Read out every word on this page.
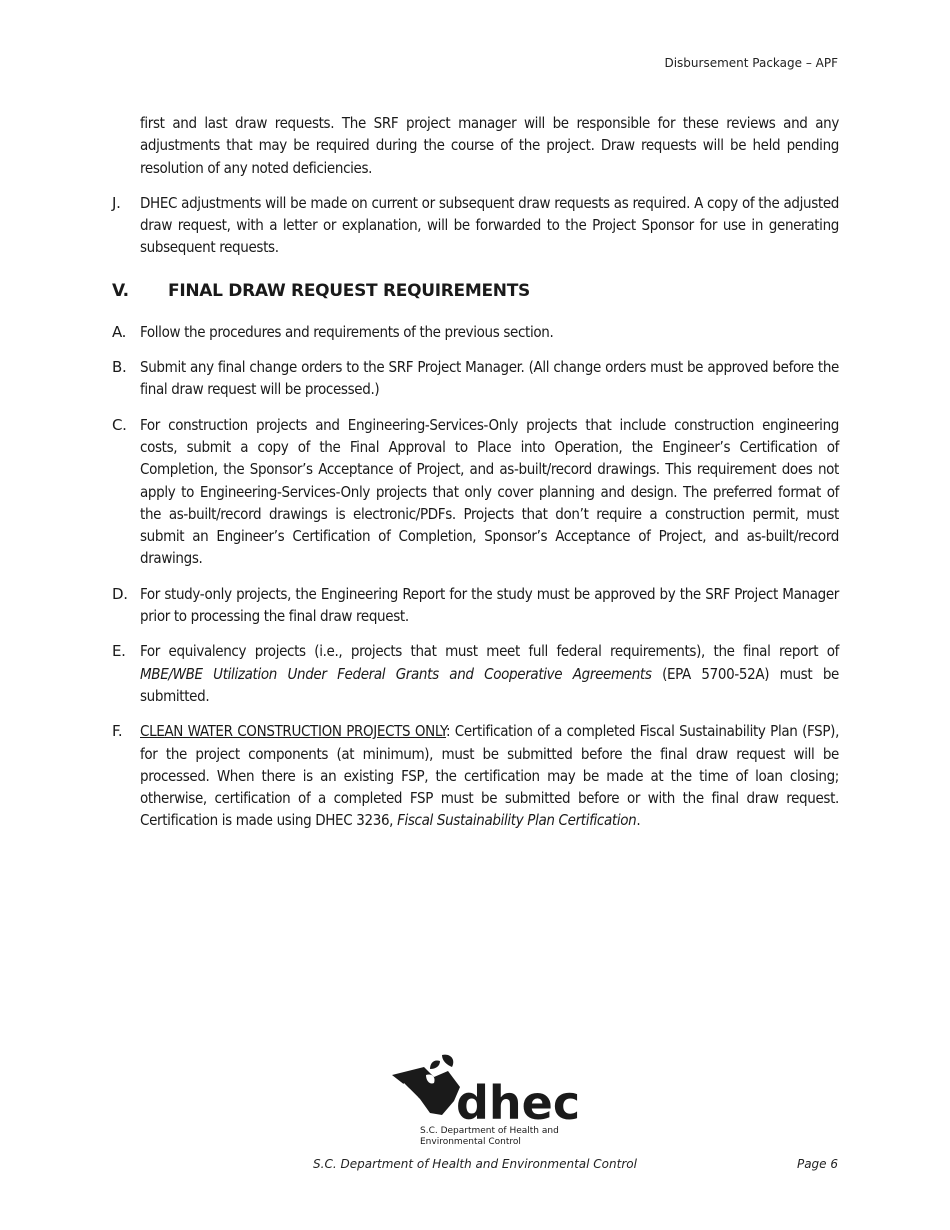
Disbursement Package – APF

first and last draw requests. The SRF project manager will be responsible for these reviews and any adjustments that may be required during the course of the project. Draw requests will be held pending resolution of any noted deficiencies.

J.	DHEC adjustments will be made on current or subsequent draw requests as required. A copy of the adjusted draw request, with a letter or explanation, will be forwarded to the Project Sponsor for use in generating subsequent requests.

V.	FINAL DRAW REQUEST REQUIREMENTS
A. Follow the procedures and requirements of the previous section.

B. Submit any final change orders to the SRF Project Manager. (All change orders must be approved before the final draw request will be processed.)

C. For construction projects and Engineering-Services-Only projects that include construction engineering costs, submit a copy of the Final Approval to Place into Operation, the Engineer’s Certification of Completion, the Sponsor’s Acceptance of Project, and as-built/record drawings. This requirement does not apply to Engineering-Services-Only projects that only cover planning and design. The preferred format of the as-built/record drawings is electronic/PDFs. Projects that don’t require a construction permit, must submit an Engineer’s Certification of Completion, Sponsor’s Acceptance of Project, and as-built/record drawings.

D. For study-only projects, the Engineering Report for the study must be approved by the SRF Project Manager prior to processing the final draw request.

E. For equivalency projects (i.e., projects that must meet full federal requirements), the final report of MBE/WBE Utilization Under Federal Grants and Cooperative Agreements (EPA 5700-52A) must be submitted.

F.	CLEAN WATER CONSTRUCTION PROJECTS ONLY: Certification of a completed Fiscal Sustainability Plan (FSP), for the project components (at minimum), must be submitted before the final draw request will be processed. When there is an existing FSP, the certification may be made at the time of loan closing; otherwise, certification of a completed FSP must be submitted before or with the final draw request. Certification is made using DHEC 3236, Fiscal Sustainability Plan Certification.

dhec
S.C. Department of Health and
Environmental Control
S.C. Department of Health and Environmental Control	Page 6
